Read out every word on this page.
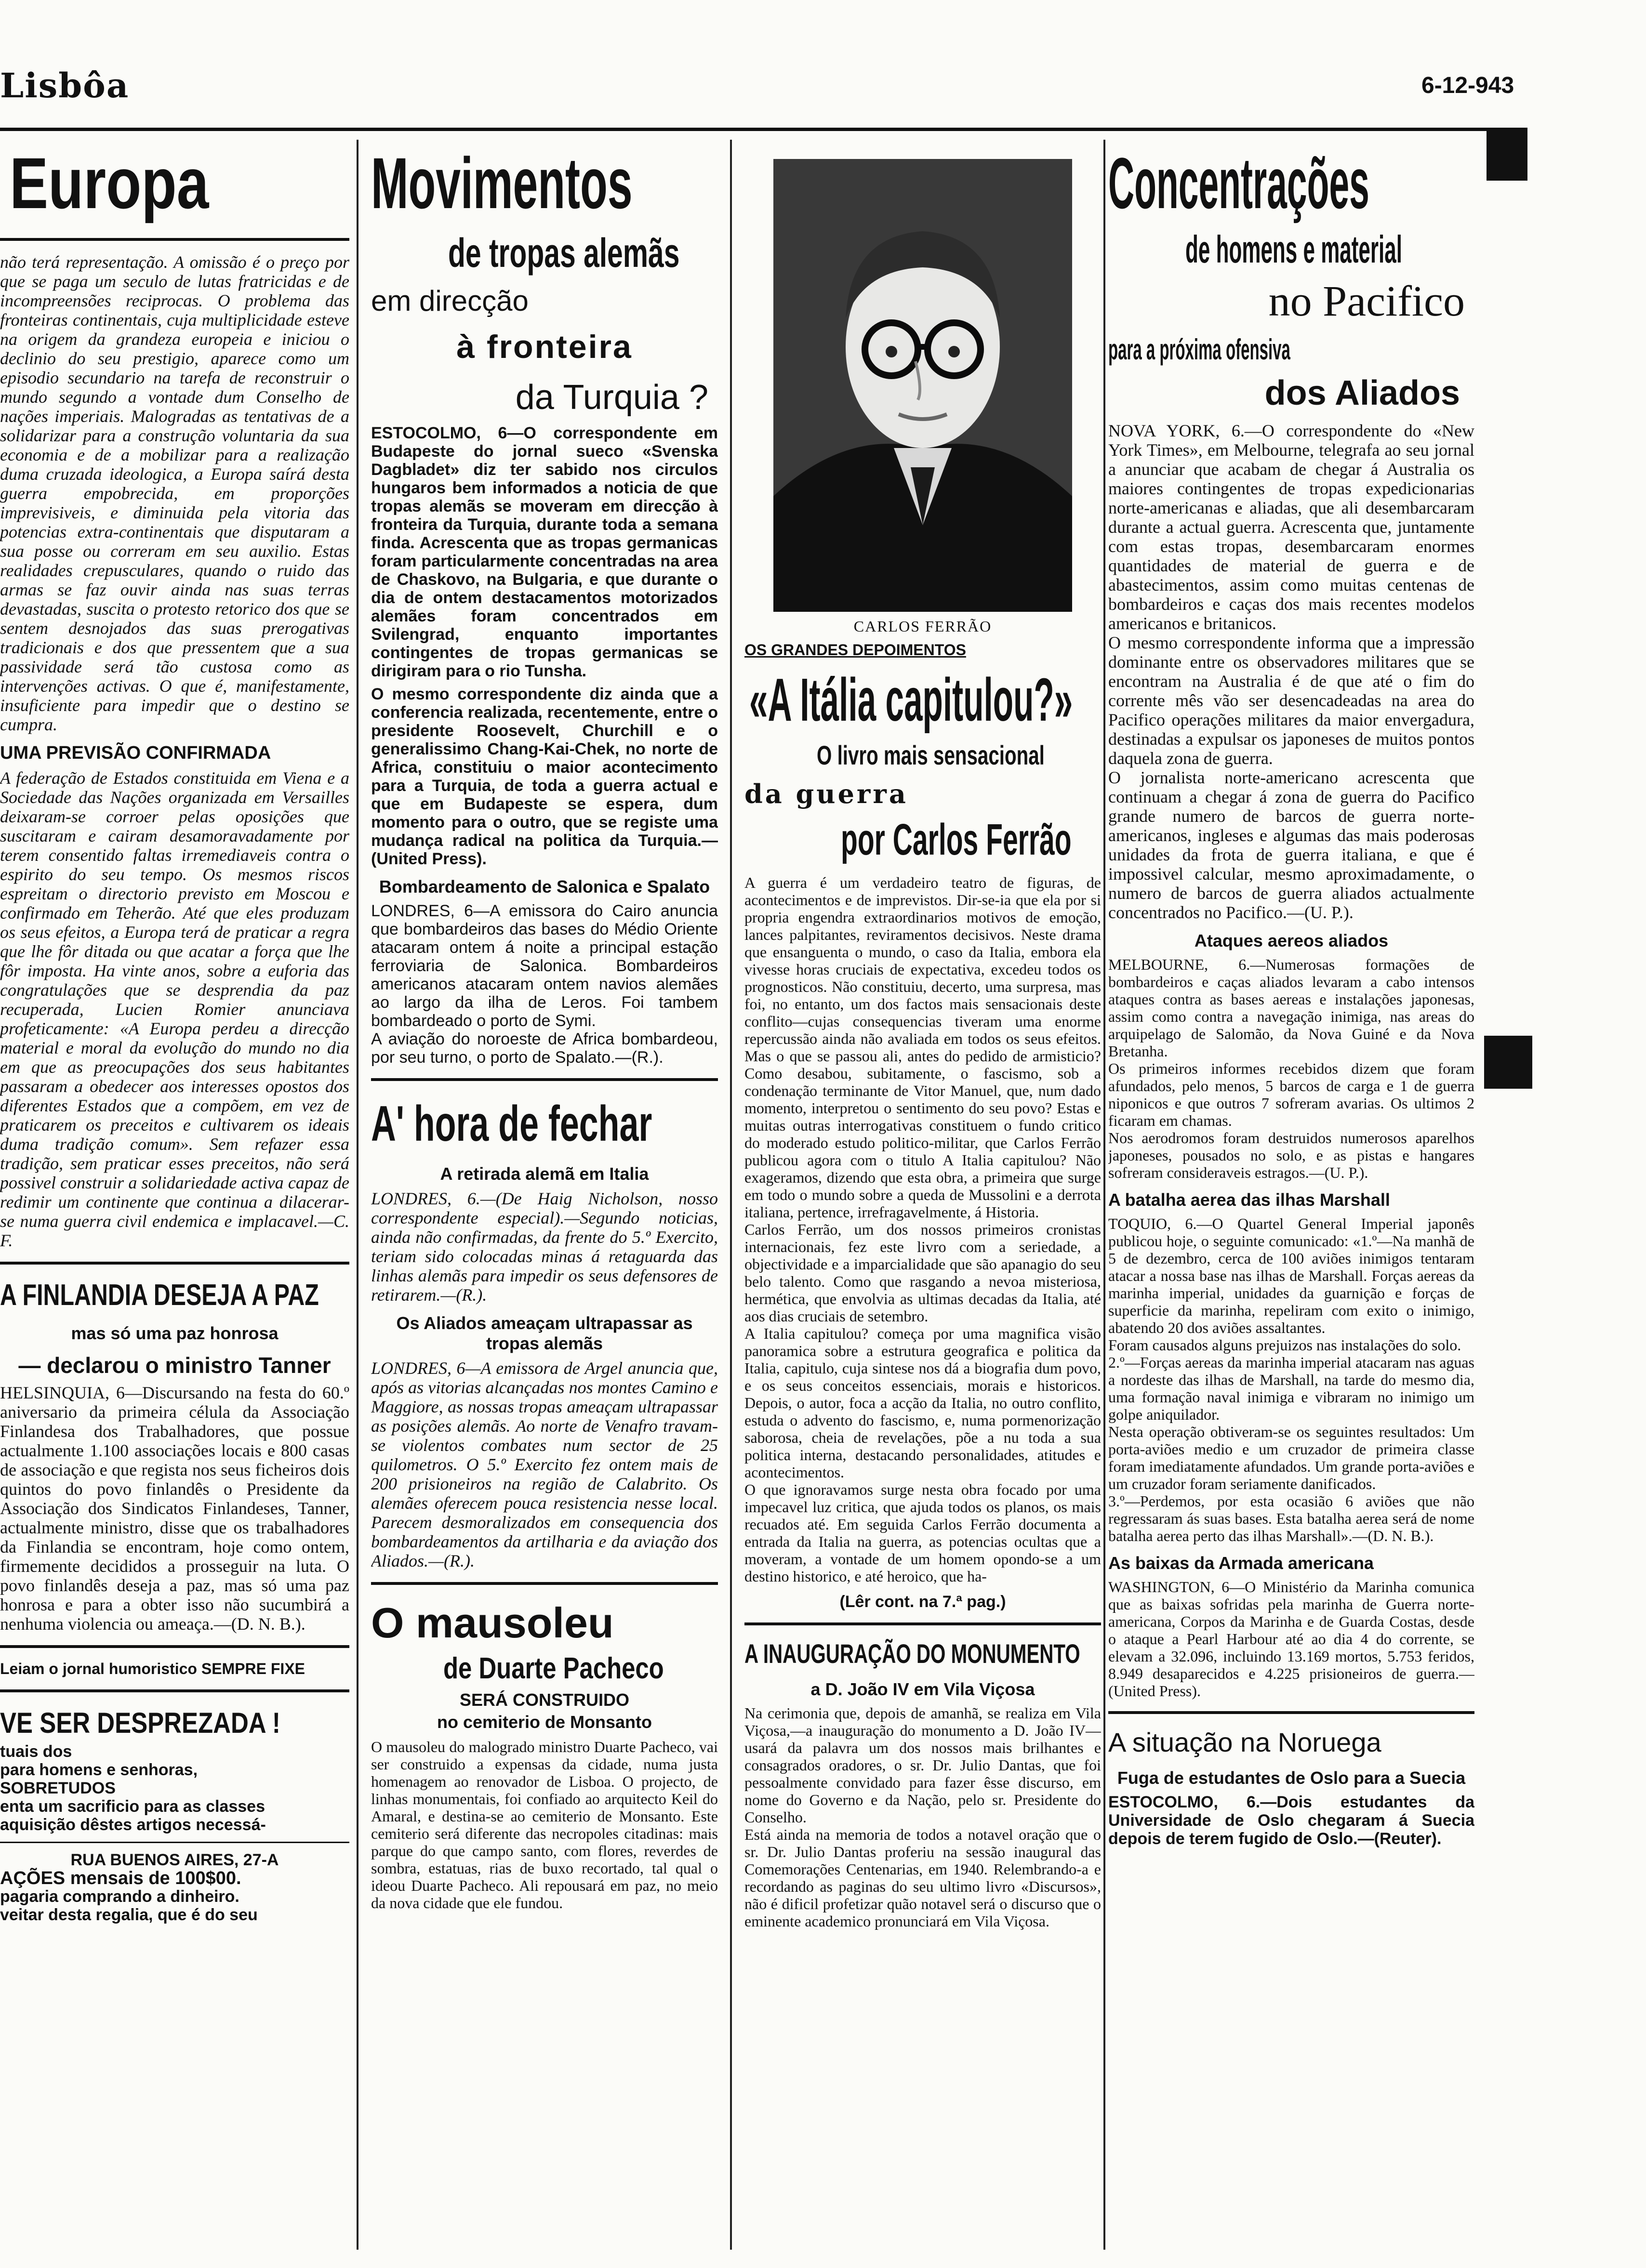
Lisbôa	6-12-943
Europa

não terá representação. A omissão é o preço por que se paga um seculo de lutas fratricidas e de incompreensões reciprocas. O problema das fronteiras continentais, cuja multiplicidade esteve na origem da grandeza europeia e iniciou o declinio do seu prestigio, aparece como um episodio secundario na tarefa de reconstruir o mundo segundo a vontade dum Conselho de nações imperiais. Malogradas as tentativas de a solidarizar para a construção voluntaria da sua economia e de a mobilizar para a realização duma cruzada ideologica, a Europa saírá desta guerra empobrecida, em proporções imprevisiveis, e diminuida pela vitoria das potencias extra-continentais que disputaram a sua posse ou correram em seu auxilio. Estas realidades crepusculares, quando o ruido das armas se faz ouvir ainda nas suas terras devastadas, suscita o protesto retorico dos que se sentem desnojados das suas prerogativas tradicionais e dos que pressentem que a sua passividade será tão custosa como as intervenções activas. O que é, manifestamente, insuficiente para impedir que o destino se cumpra.

UMA PREVISÃO CONFIRMADA

A federação de Estados constituida em Viena e a Sociedade das Nações organizada em Versailles deixaram-se corroer pelas oposições que suscitaram e cairam desamoravadamente por terem consentido faltas irremediaveis contra o espirito do seu tempo. Os mesmos riscos espreitam o directorio previsto em Moscou e confirmado em Teherão. Até que eles produzam os seus efeitos, a Europa terá de praticar a regra que lhe fôr ditada ou que acatar a força que lhe fôr imposta. Ha vinte anos, sobre a euforia das congratulações que se desprendia da paz recuperada, Lucien Romier anunciava profeticamente: «A Europa perdeu a direcção material e moral da evolução do mundo no dia em que as preocupações dos seus habitantes passaram a obedecer aos interesses opostos dos diferentes Estados que a compõem, em vez de praticarem os preceitos e cultivarem os ideais duma tradição comum». Sem refazer essa tradição, sem praticar esses preceitos, não será possivel construir a solidariedade activa capaz de redimir um continente que continua a dilacerar-se numa guerra civil endemica e implacavel.—C. F.

A FINLANDIA DESEJA A PAZ
mas só uma paz honrosa
— declarou o ministro Tanner

HELSINQUIA, 6—Discursando na festa do 60.º aniversario da primeira célula da Associação Finlandesa dos Trabalhadores, que possue actualmente 1.100 associações locais e 800 casas de associação e que regista nos seus ficheiros dois quintos do povo finlandês o Presidente da Associação dos Sindicatos Finlandeses, Tanner, actualmente ministro, disse que os trabalhadores da Finlandia se encontram, hoje como ontem, firmemente decididos a prosseguir na luta. O povo finlandês deseja a paz, mas só uma paz honrosa e para a obter isso não sucumbirá a nenhuma violencia ou ameaça.—(D. N. B.).

Leiam o jornal humoristico SEMPRE FIXE

VE SER DESPREZADA !
tuais dos
para homens e senhoras,
SOBRETUDOS
enta um sacrificio para as classes
aquisição dêstes artigos necessá-
RUA BUENOS AIRES, 27-A
AÇÕES mensais de 100$00.
pagaria comprando a dinheiro.
veitar desta regalia, que é do seu
Movimentos
de tropas alemãs
em direcção
à fronteira
da Turquia ?

ESTOCOLMO, 6—O correspondente em Budapeste do jornal sueco «Svenska Dagbladet» diz ter sabido nos circulos hungaros bem informados a noticia de que tropas alemãs se moveram em direcção à fronteira da Turquia, durante toda a semana finda. Acrescenta que as tropas germanicas foram particularmente concentradas na area de Chaskovo, na Bulgaria, e que durante o dia de ontem destacamentos motorizados alemães foram concentrados em Svilengrad, enquanto importantes contingentes de tropas germanicas se dirigiram para o rio Tunsha.

O mesmo correspondente diz ainda que a conferencia realizada, recentemente, entre o presidente Roosevelt, Churchill e o generalissimo Chang-Kai-Chek, no norte de Africa, constituiu o maior acontecimento para a Turquia, de toda a guerra actual e que em Budapeste se espera, dum momento para o outro, que se registe uma mudança radical na politica da Turquia.—(United Press).

Bombardeamento de Salonica e Spalato

LONDRES, 6—A emissora do Cairo anuncia que bombardeiros das bases do Médio Oriente atacaram ontem á noite a principal estação ferroviaria de Salonica. Bombardeiros americanos atacaram ontem navios alemães ao largo da ilha de Leros. Foi tambem bombardeado o porto de Symi.

A aviação do noroeste de Africa bombardeou, por seu turno, o porto de Spalato.—(R.).

A' hora de fechar
A retirada alemã em Italia

LONDRES, 6.—(De Haig Nicholson, nosso correspondente especial).—Segundo noticias, ainda não confirmadas, da frente do 5.º Exercito, teriam sido colocadas minas á retaguarda das linhas alemãs para impedir os seus defensores de retirarem.—(R.).

Os Aliados ameaçam ultrapassar as tropas alemãs

LONDRES, 6—A emissora de Argel anuncia que, após as vitorias alcançadas nos montes Camino e Maggiore, as nossas tropas ameaçam ultrapassar as posições alemãs. Ao norte de Venafro travam-se violentos combates num sector de 25 quilometros. O 5.º Exercito fez ontem mais de 200 prisioneiros na região de Calabrito. Os alemães oferecem pouca resistencia nesse local. Parecem desmoralizados em consequencia dos bombardeamentos da artilharia e da aviação dos Aliados.—(R.).

O mausoleu
de Duarte Pacheco
SERÁ CONSTRUIDO
no cemiterio de Monsanto

O mausoleu do malogrado ministro Duarte Pacheco, vai ser construido a expensas da cidade, numa justa homenagem ao renovador de Lisboa. O projecto, de linhas monumentais, foi confiado ao arquitecto Keil do Amaral, e destina-se ao cemiterio de Monsanto. Este cemiterio será diferente das necropoles citadinas: mais parque do que campo santo, com flores, reverdes de sombra, estatuas, rias de buxo recortado, tal qual o ideou Duarte Pacheco. Ali repousará em paz, no meio da nova cidade que ele fundou.

CARLOS FERRÃO
OS GRANDES DEPOIMENTOS
«A Itália capitulou?»
O livro mais sensacional
da guerra
por Carlos Ferrão

A guerra é um verdadeiro teatro de figuras, de acontecimentos e de imprevistos. Dir-se-ia que ela por si propria engendra extraordinarios motivos de emoção, lances palpitantes, reviramentos decisivos. Neste drama que ensanguenta o mundo, o caso da Italia, embora ela vivesse horas cruciais de expectativa, excedeu todos os prognosticos. Não constituiu, decerto, uma surpresa, mas foi, no entanto, um dos factos mais sensacionais deste conflito—cujas consequencias tiveram uma enorme repercussão ainda não avaliada em todos os seus efeitos. Mas o que se passou ali, antes do pedido de armisticio? Como desabou, subitamente, o fascismo, sob a condenação terminante de Vitor Manuel, que, num dado momento, interpretou o sentimento do seu povo? Estas e muitas outras interrogativas constituem o fundo critico do moderado estudo politico-militar, que Carlos Ferrão publicou agora com o titulo A Italia capitulou? Não exageramos, dizendo que esta obra, a primeira que surge em todo o mundo sobre a queda de Mussolini e a derrota italiana, pertence, irrefragavelmente, á Historia.

Carlos Ferrão, um dos nossos primeiros cronistas internacionais, fez este livro com a seriedade, a objectividade e a imparcialidade que são apanagio do seu belo talento. Como que rasgando a nevoa misteriosa, hermética, que envolvia as ultimas decadas da Italia, até aos dias cruciais de setembro.

A Italia capitulou? começa por uma magnifica visão panoramica sobre a estrutura geografica e politica da Italia, capitulo, cuja sintese nos dá a biografia dum povo, e os seus conceitos essenciais, morais e historicos. Depois, o autor, foca a acção da Italia, no outro conflito, estuda o advento do fascismo, e, numa pormenorização saborosa, cheia de revelações, põe a nu toda a sua politica interna, destacando personalidades, atitudes e acontecimentos.

O que ignoravamos surge nesta obra focado por uma impecavel luz critica, que ajuda todos os planos, os mais recuados até. Em seguida Carlos Ferrão documenta a entrada da Italia na guerra, as potencias ocultas que a moveram, a vontade de um homem opondo-se a um destino historico, e até heroico, que ha-

(Lêr cont. na 7.ª pag.)
A INAUGURAÇÃO DO MONUMENTO
a D. João IV em Vila Viçosa

Na cerimonia que, depois de amanhã, se realiza em Vila Viçosa,—a inauguração do monumento a D. João IV—usará da palavra um dos nossos mais brilhantes e consagrados oradores, o sr. Dr. Julio Dantas, que foi pessoalmente convidado para fazer êsse discurso, em nome do Governo e da Nação, pelo sr. Presidente do Conselho.

Está ainda na memoria de todos a notavel oração que o sr. Dr. Julio Dantas proferiu na sessão inaugural das Comemorações Centenarias, em 1940. Relembrando-a e recordando as paginas do seu ultimo livro «Discursos», não é dificil profetizar quão notavel será o discurso que o eminente academico pronunciará em Vila Viçosa.

Concentrações
de homens e material
no Pacifico
para a próxima ofensiva
dos Aliados

NOVA YORK, 6.—O correspondente do «New York Times», em Melbourne, telegrafa ao seu jornal a anunciar que acabam de chegar á Australia os maiores contingentes de tropas expedicionarias norte-americanas e aliadas, que ali desembarcaram durante a actual guerra. Acrescenta que, juntamente com estas tropas, desembarcaram enormes quantidades de material de guerra e de abastecimentos, assim como muitas centenas de bombardeiros e caças dos mais recentes modelos americanos e britanicos.

O mesmo correspondente informa que a impressão dominante entre os observadores militares que se encontram na Australia é de que até o fim do corrente mês vão ser desencadeadas na area do Pacifico operações militares da maior envergadura, destinadas a expulsar os japoneses de muitos pontos daquela zona de guerra.

O jornalista norte-americano acrescenta que continuam a chegar á zona de guerra do Pacifico grande numero de barcos de guerra norte-americanos, ingleses e algumas das mais poderosas unidades da frota de guerra italiana, e que é impossivel calcular, mesmo aproximadamente, o numero de barcos de guerra aliados actualmente concentrados no Pacifico.—(U. P.).

Ataques aereos aliados

MELBOURNE, 6.—Numerosas formações de bombardeiros e caças aliados levaram a cabo intensos ataques contra as bases aereas e instalações japonesas, assim como contra a navegação inimiga, nas areas do arquipelago de Salomão, da Nova Guiné e da Nova Bretanha.

Os primeiros informes recebidos dizem que foram afundados, pelo menos, 5 barcos de carga e 1 de guerra niponicos e que outros 7 sofreram avarias. Os ultimos 2 ficaram em chamas.

Nos aerodromos foram destruidos numerosos aparelhos japoneses, pousados no solo, e as pistas e hangares sofreram consideraveis estragos.—(U. P.).

A batalha aerea das ilhas Marshall

TOQUIO, 6.—O Quartel General Imperial japonês publicou hoje, o seguinte comunicado: «1.º—Na manhã de 5 de dezembro, cerca de 100 aviões inimigos tentaram atacar a nossa base nas ilhas de Marshall. Forças aereas da marinha imperial, unidades da guarnição e forças de superficie da marinha, repeliram com exito o inimigo, abatendo 20 dos aviões assaltantes.

Foram causados alguns prejuizos nas instalações do solo.

2.º—Forças aereas da marinha imperial atacaram nas aguas a nordeste das ilhas de Marshall, na tarde do mesmo dia, uma formação naval inimiga e vibraram no inimigo um golpe aniquilador.

Nesta operação obtiveram-se os seguintes resultados: Um porta-aviões medio e um cruzador de primeira classe foram imediatamente afundados. Um grande porta-aviões e um cruzador foram seriamente danificados.

3.º—Perdemos, por esta ocasião 6 aviões que não regressaram ás suas bases. Esta batalha aerea será de nome batalha aerea perto das ilhas Marshall».—(D. N. B.).

As baixas da Armada americana

WASHINGTON, 6—O Ministério da Marinha comunica que as baixas sofridas pela marinha de Guerra norte-americana, Corpos da Marinha e de Guarda Costas, desde o ataque a Pearl Harbour até ao dia 4 do corrente, se elevam a 32.096, incluindo 13.169 mortos, 5.753 feridos, 8.949 desaparecidos e 4.225 prisioneiros de guerra.—(United Press).

A situação na Noruega
Fuga de estudantes de Oslo para a Suecia

ESTOCOLMO, 6.—Dois estudantes da Universidade de Oslo chegaram á Suecia depois de terem fugido de Oslo.—(Reuter).
